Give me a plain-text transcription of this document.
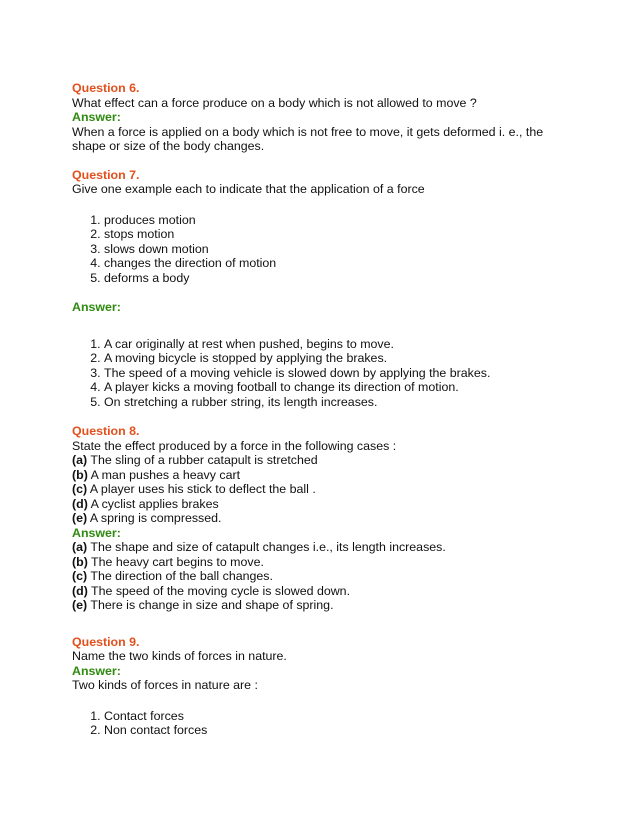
Question 6.
What effect can a force produce on a body which is not allowed to move ?
Answer:
When a force is applied on a body which is not free to move, it gets deformed i. e., the shape or size of the body changes.
Question 7.
Give one example each to indicate that the application of a force
1. produces motion
2. stops motion
3. slows down motion
4. changes the direction of motion
5. deforms a body
Answer:
1. A car originally at rest when pushed, begins to move.
2. A moving bicycle is stopped by applying the brakes.
3. The speed of a moving vehicle is slowed down by applying the brakes.
4. A player kicks a moving football to change its direction of motion.
5. On stretching a rubber string, its length increases.
Question 8.
State the effect produced by a force in the following cases :
(a) The sling of a rubber catapult is stretched
(b) A man pushes a heavy cart
(c) A player uses his stick to deflect the ball .
(d) A cyclist applies brakes
(e) A spring is compressed.
Answer:
(a) The shape and size of catapult changes i.e., its length increases.
(b) The heavy cart begins to move.
(c) The direction of the ball changes.
(d) The speed of the moving cycle is slowed down.
(e) There is change in size and shape of spring.
Question 9.
Name the two kinds of forces in nature.
Answer:
Two kinds of forces in nature are :
1. Contact forces
2. Non contact forces
